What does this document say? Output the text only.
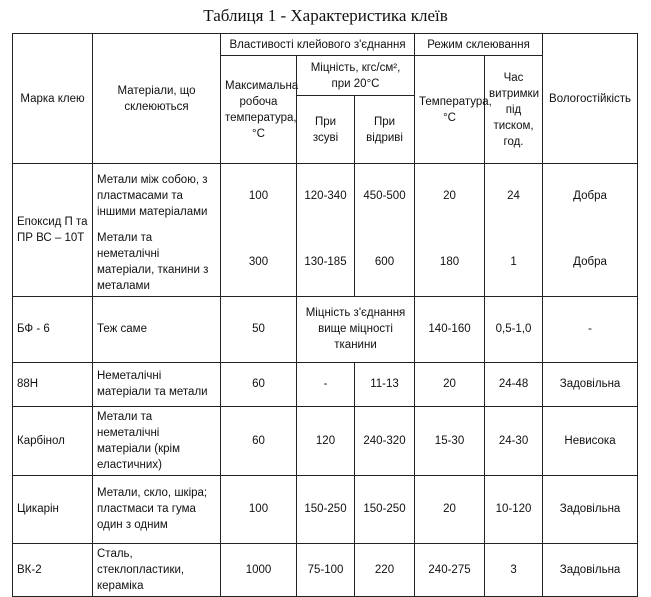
Таблиця 1 - Характеристика клеїв
Марка клею	Матеріали, що склеюються	Властивості клейового з'єднання			Режим склеювання		Вологостійкість
		Максимальна робоча температура, °С	Міцність, кгс/см², при 20°С		Температура, °С	Час витримки під тиском, год.	
			При зсуві	При відриві			
Епоксид П та ПР ВС – 10Т	Метали між собою, з пластмасами та іншими матеріалами	100	120-340	450-500	20	24	Добра
	Метали та неметалічні матеріали, тканини з металами	300	130-185	600	180	1	Добра
БФ - 6	Теж саме	50	Міцність з'єднання вище міцності тканини		140-160	0,5-1,0	-
88Н	Неметалічні матеріали та метали	60	-	11-13	20	24-48	Задовільна
Карбінол	Метали та неметалічні матеріали (крім еластичних)	60	120	240-320	15-30	24-30	Невисока
Цикарін	Метали, скло, шкіра; пластмаси та гума один з одним	100	150-250	150-250	20	10-120	Задовільна
ВК-2	Сталь, стеклопластики, кераміка	1000	75-100	220	240-275	3	Задовільна
